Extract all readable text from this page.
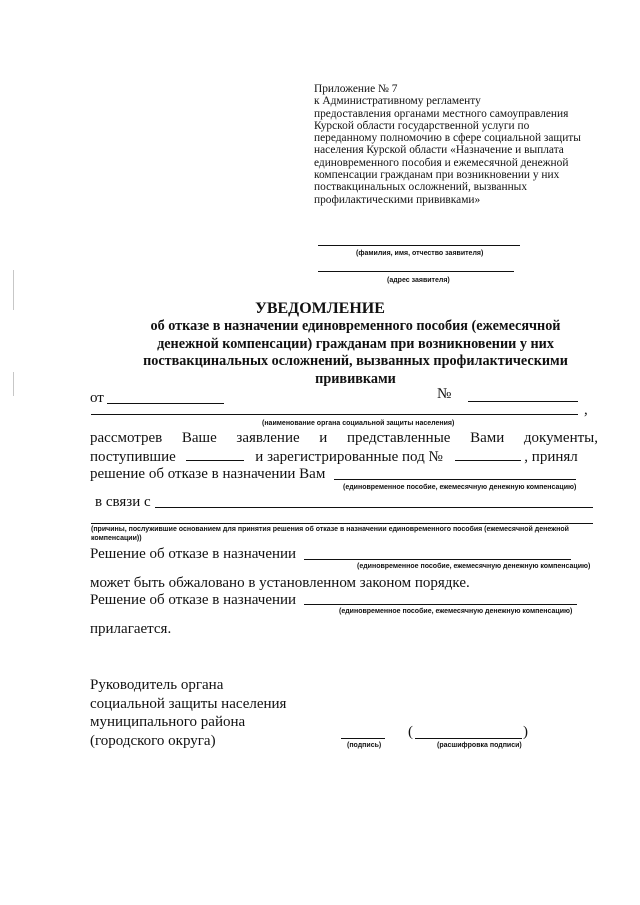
Приложение № 7
к Административному регламенту
предоставления органами местного самоуправления
Курской области государственной услуги по
переданному полномочию в сфере социальной защиты
населения Курской области «Назначение и выплата
единовременного пособия и ежемесячной денежной
компенсации гражданам при возникновении у них
поствакцинальных осложнений, вызванных
профилактическими прививками»
(фамилия, имя, отчество заявителя)
(адрес заявителя)
УВЕДОМЛЕНИЕ
об отказе в назначении единовременного пособия (ежемесячной денежной компенсации) гражданам при возникновении у них поствакцинальных осложнений, вызванных профилактическими прививками
от	№
,
(наименование органа социальной защиты населения)
рассмотрев Ваше заявление и представленные Вами документы,
поступившие	и зарегистрированные под №	, принял
решение об отказе в назначении Вам
(единовременное пособие, ежемесячную денежную компенсацию)
в связи с
(причины, послужившие основанием для принятия решения об отказе в назначении единовременного пособия (ежемесячной денежной компенсации))
Решение об отказе в назначении
(единовременное пособие, ежемесячную денежную компенсацию)
может быть обжаловано в установленном законом порядке.
Решение об отказе в назначении
(единовременное пособие, ежемесячную денежную компенсацию)
прилагается.
Руководитель органа
социальной защиты населения
муниципального района
(городского округа)	(подпись)
(	)
(расшифровка подписи)
